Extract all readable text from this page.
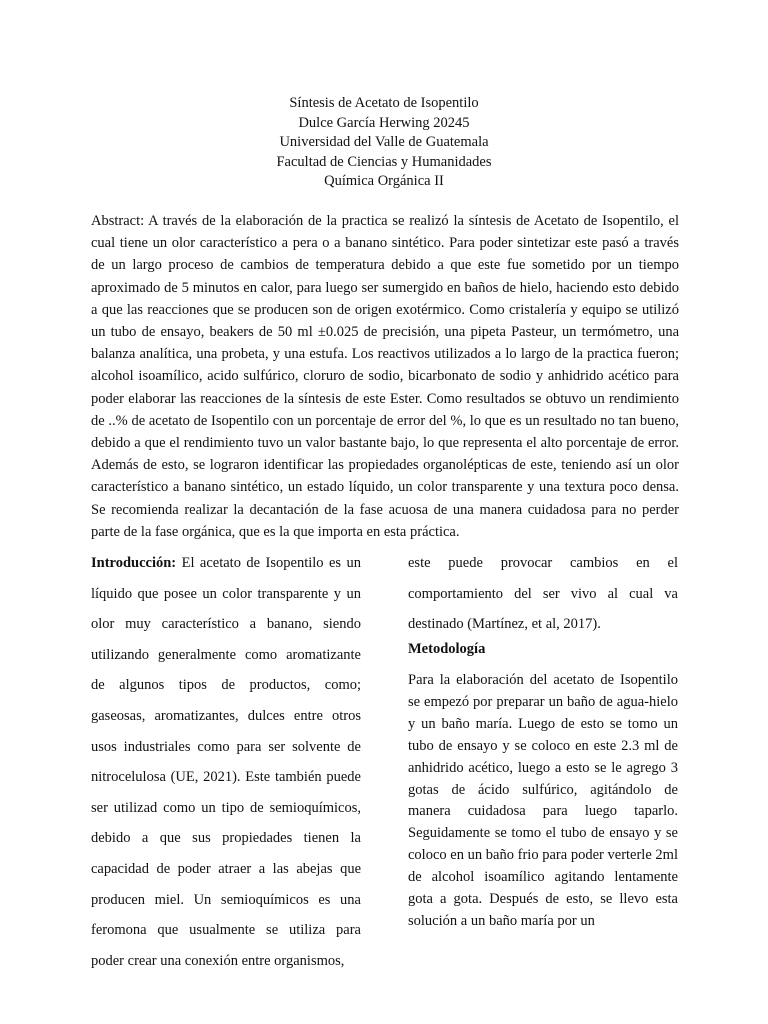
Síntesis de Acetato de Isopentilo
Dulce García Herwing 20245
Universidad del Valle de Guatemala
Facultad de Ciencias y Humanidades
Química Orgánica II

Abstract: A través de la elaboración de la practica se realizó la síntesis de Acetato de Isopentilo, el cual tiene un olor característico a pera o a banano sintético. Para poder sintetizar este pasó a través de un largo proceso de cambios de temperatura debido a que este fue sometido por un tiempo aproximado de 5 minutos en calor, para luego ser sumergido en baños de hielo, haciendo esto debido a que las reacciones que se producen son de origen exotérmico. Como cristalería y equipo se utilizó un tubo de ensayo, beakers de 50 ml ±0.025 de precisión, una pipeta Pasteur, un termómetro, una balanza analítica, una probeta, y una estufa. Los reactivos utilizados a lo largo de la practica fueron; alcohol isoamílico, acido sulfúrico, cloruro de sodio, bicarbonato de sodio y anhidrido acético para poder elaborar las reacciones de la síntesis de este Ester. Como resultados se obtuvo un rendimiento de ..% de acetato de Isopentilo con un porcentaje de error del %, lo que es un resultado no tan bueno, debido a que el rendimiento tuvo un valor bastante bajo, lo que representa el alto porcentaje de error. Además de esto, se lograron identificar las propiedades organolépticas de este, teniendo así un olor característico a banano sintético, un estado líquido, un color transparente y una textura poco densa. Se recomienda realizar la decantación de la fase acuosa de una manera cuidadosa para no perder parte de la fase orgánica, que es la que importa en esta práctica.

Introducción: El acetato de Isopentilo es un líquido que posee un color transparente y un olor muy característico a banano, siendo utilizando generalmente como aromatizante de algunos tipos de productos, como; gaseosas, aromatizantes, dulces entre otros usos industriales como para ser solvente de nitrocelulosa (UE, 2021). Este también puede ser utilizad como un tipo de semioquímicos, debido a que sus propiedades tienen la capacidad de poder atraer a las abejas que producen miel. Un semioquímicos es una feromona que usualmente se utiliza para poder crear una conexión entre organismos,

este puede provocar cambios en el comportamiento del ser vivo al cual va destinado (Martínez, et al, 2017).

Metodología

Para la elaboración del acetato de Isopentilo se empezó por preparar un baño de agua-hielo y un baño maría. Luego de esto se tomo un tubo de ensayo y se coloco en este 2.3 ml de anhidrido acético, luego a esto se le agrego 3 gotas de ácido sulfúrico, agitándolo de manera cuidadosa para luego taparlo. Seguidamente se tomo el tubo de ensayo y se coloco en un baño frio para poder verterle 2ml de alcohol isoamílico agitando lentamente gota a gota. Después de esto, se llevo esta solución a un baño maría por un
